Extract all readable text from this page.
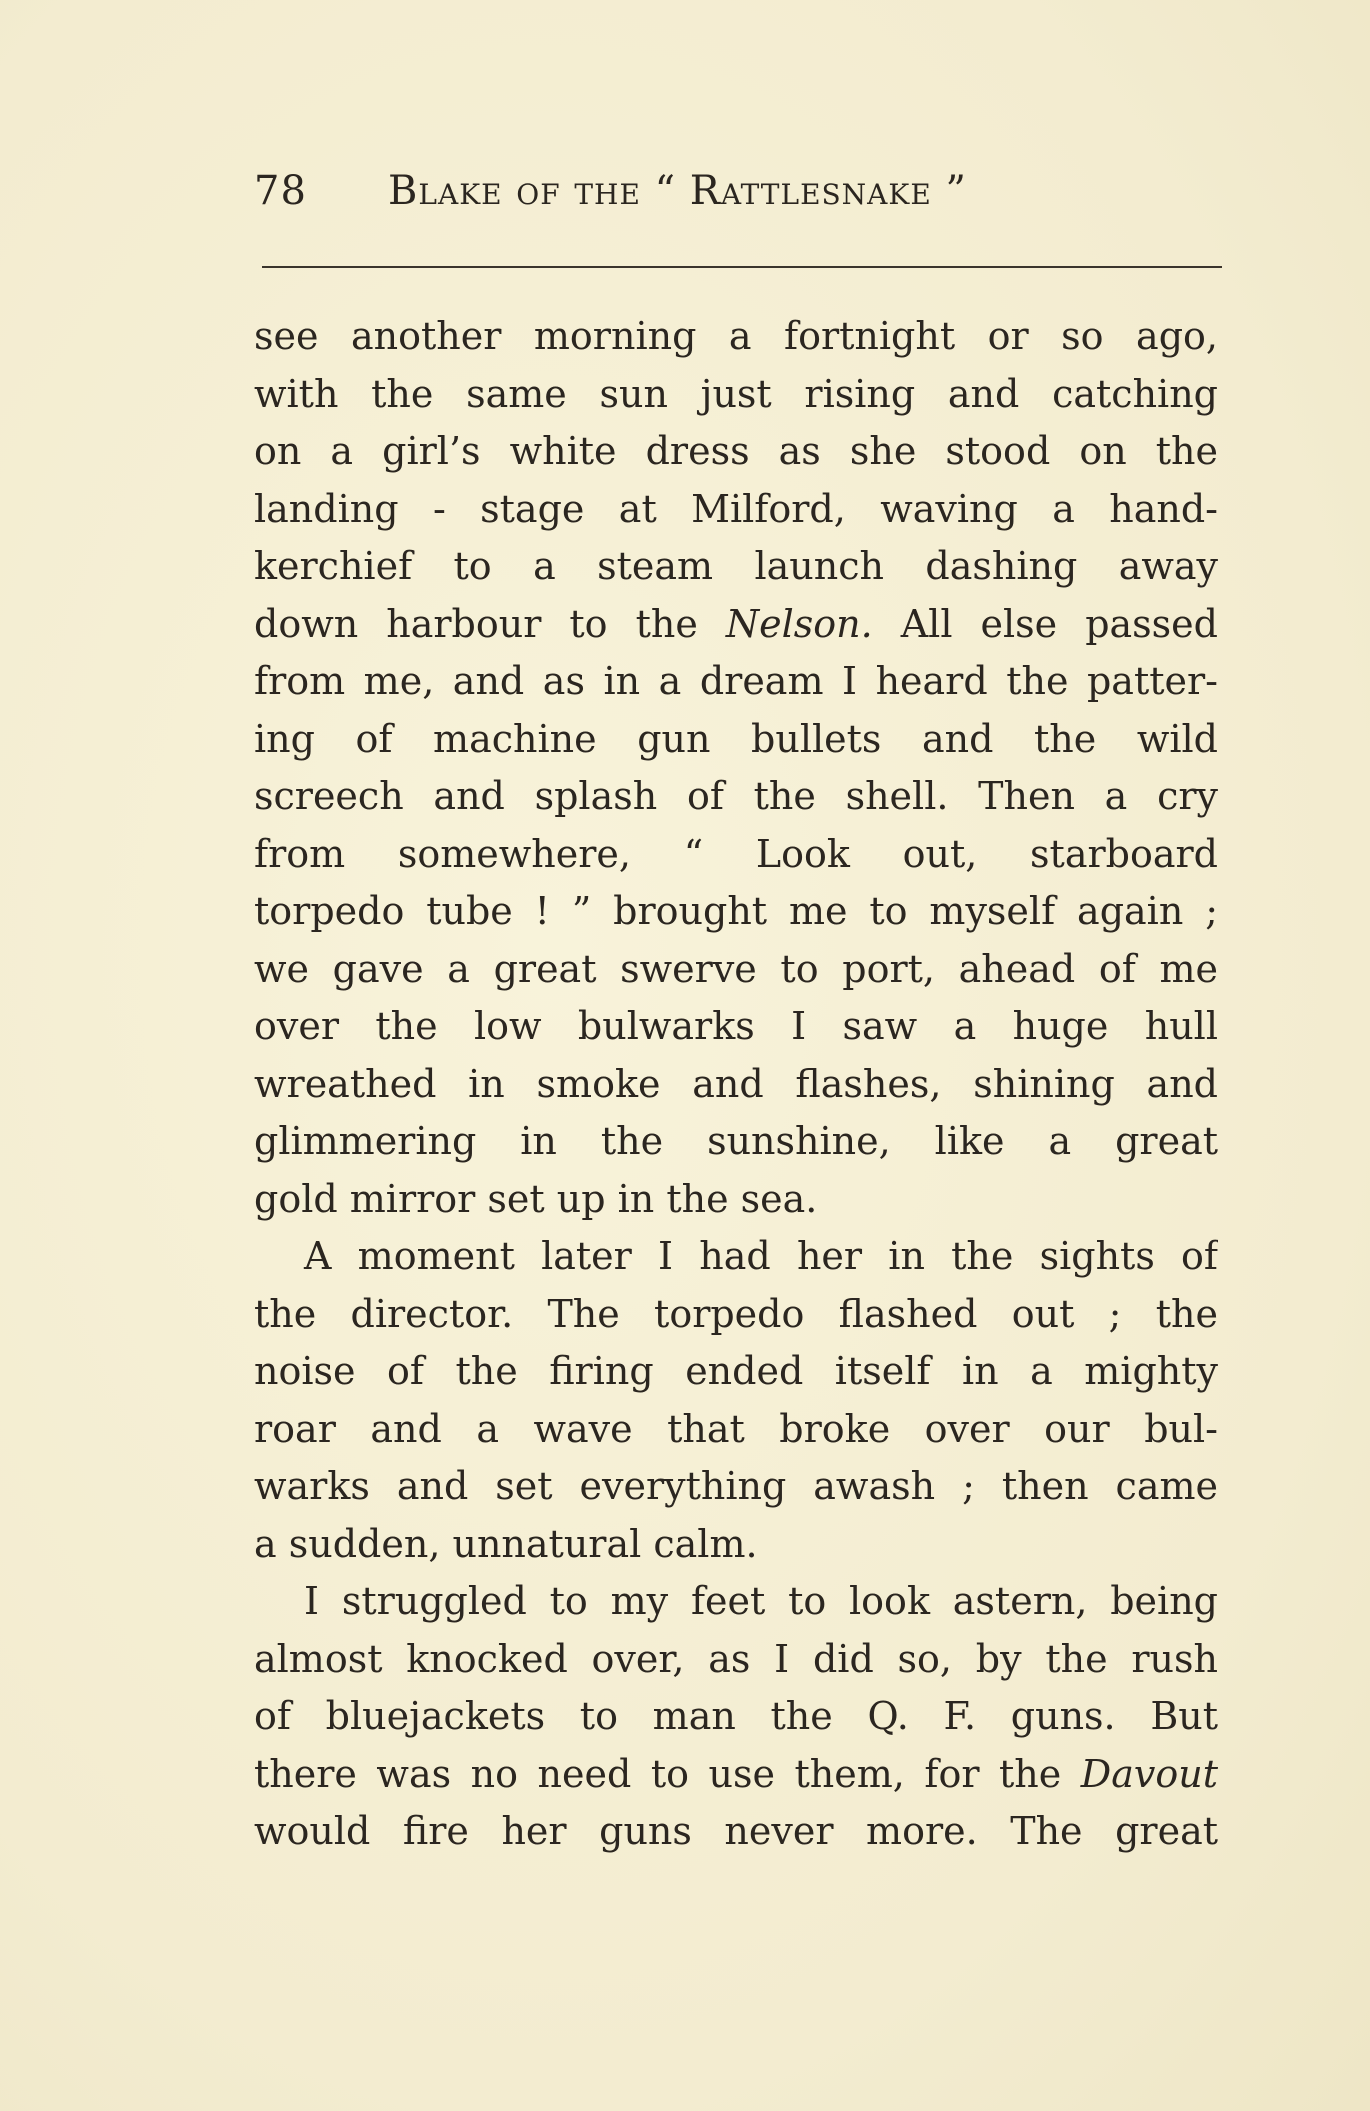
78 Blake of the “ Rattlesnake ”
see another morning a fortnight or so ago,
with the same sun just rising and catching
on a girl’s white dress as she stood on the
landing - stage at Milford, waving a hand-
kerchief to a steam launch dashing away
down harbour to the Nelson. All else passed
from me, and as in a dream I heard the patter-
ing of machine gun bullets and the wild
screech and splash of the shell. Then a cry
from somewhere, “ Look out, starboard
torpedo tube ! ” brought me to myself again ;
we gave a great swerve to port, ahead of me
over the low bulwarks I saw a huge hull
wreathed in smoke and flashes, shining and
glimmering in the sunshine, like a great
gold mirror set up in the sea.
A moment later I had her in the sights of
the director. The torpedo flashed out ; the
noise of the firing ended itself in a mighty
roar and a wave that broke over our bul-
warks and set everything awash ; then came
a sudden, unnatural calm.
I struggled to my feet to look astern, being
almost knocked over, as I did so, by the rush
of bluejackets to man the Q. F. guns. But
there was no need to use them, for the Davout
would fire her guns never more. The great
